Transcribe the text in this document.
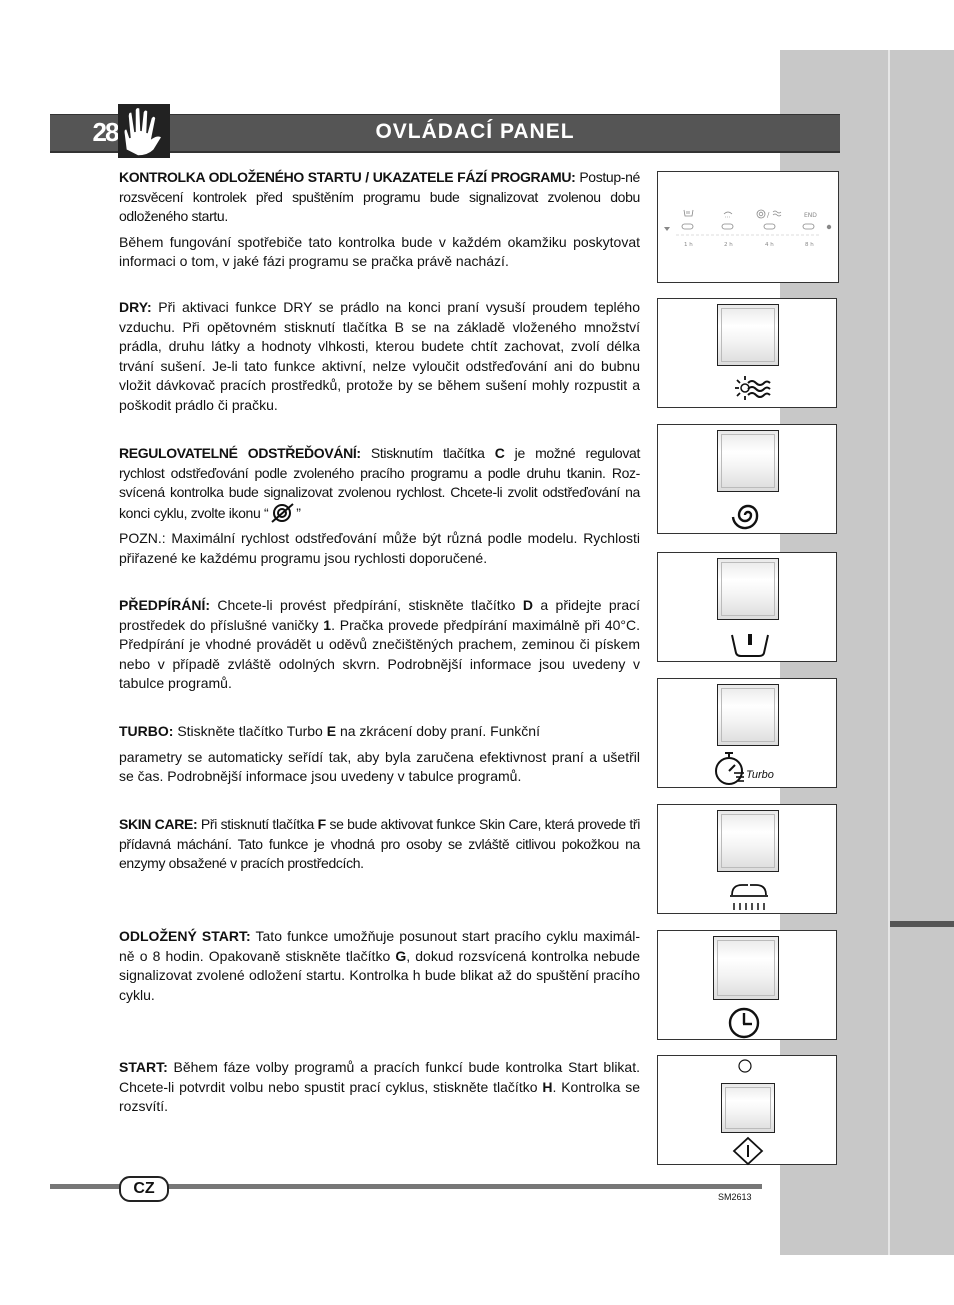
28	OVLÁDACÍ PANEL

KONTROLKA ODLOŽENÉHO STARTU / UKAZATELE FÁZÍ PROGRAMU: Postup-né rozsvěcení kontrolek před spuštěním programu bude signalizovat zvolenou dobu odloženého startu.

Během fungování spotřebiče tato kontrolka bude v každém okamžiku poskytovat informaci o tom, v jaké fázi programu se pračka právě nachází.

DRY: Při aktivaci funkce DRY se prádlo na konci praní vysuší proudem teplého vzduchu. Při opětovném stisknutí tlačítka B se na základě vloženého množství prádla, druhu látky a hodnoty vlhkosti, kterou budete chtít zachovat, zvolí délka trvání sušení. Je-li tato funkce aktivní, nelze vyloučit odstřeďování ani do bubnu vložit dávkovač pracích prostředků, protože by se během sušení mohly rozpustit a poškodit prádlo či pračku.

REGULOVATELNÉ ODSTŘEĎOVÁNÍ: Stisknutím tlačítka C je možné regulovat rychlost odstřeďování podle zvoleného pracího programu a podle druhu tkanin. Roz-svícená kontrolka bude signalizovat zvolenou rychlost. Chcete-li zvolit odstřeďování na konci cyklu, zvolte ikonu “ ”

POZN.: Maximální rychlost odstřeďování může být různá podle modelu. Rychlosti přiřazené ke každému programu jsou rychlosti doporučené.

PŘEDPÍRÁNÍ: Chcete-li provést předpírání, stiskněte tlačítko D a přidejte prací prostředek do příslušné vaničky 1. Pračka provede předpírání maximálně při 40°C. Předpírání je vhodné provádět u oděvů znečištěných prachem, zeminou či pískem nebo v případě zvláště odolných skvrn. Podrobnější informace jsou uvedeny v tabulce programů.

TURBO: Stiskněte tlačítko Turbo E na zkrácení doby praní. Funkční

parametry se automaticky seřídí tak, aby byla zaručena efektivnost praní a ušetřil se čas. Podrobnější informace jsou uvedeny v tabulce programů.

SKIN CARE: Při stisknutí tlačítka F se bude aktivovat funkce Skin Care, která provede tři přídavná máchání. Tato funkce je vhodná pro osoby se zvláště citlivou pokožkou na enzymy obsažené v pracích prostředcích.

ODLOŽENÝ START: Tato funkce umožňuje posunout start pracího cyklu maximál-ně o 8 hodin. Opakovaně stiskněte tlačítko G, dokud rozsvícená kontrolka nebude signalizovat zvolené odložení startu. Kontrolka h bude blikat až do spuštění pracího cyklu.

START: Během fáze volby programů a pracích funkcí bude kontrolka Start blikat. Chcete-li potvrdit volbu nebo spustit prací cyklus, stiskněte tlačítko H. Kontrolka se rozsvítí.

/	END
1 h	2 h	4 h	8 h
Turbo
CZ	SM2613
